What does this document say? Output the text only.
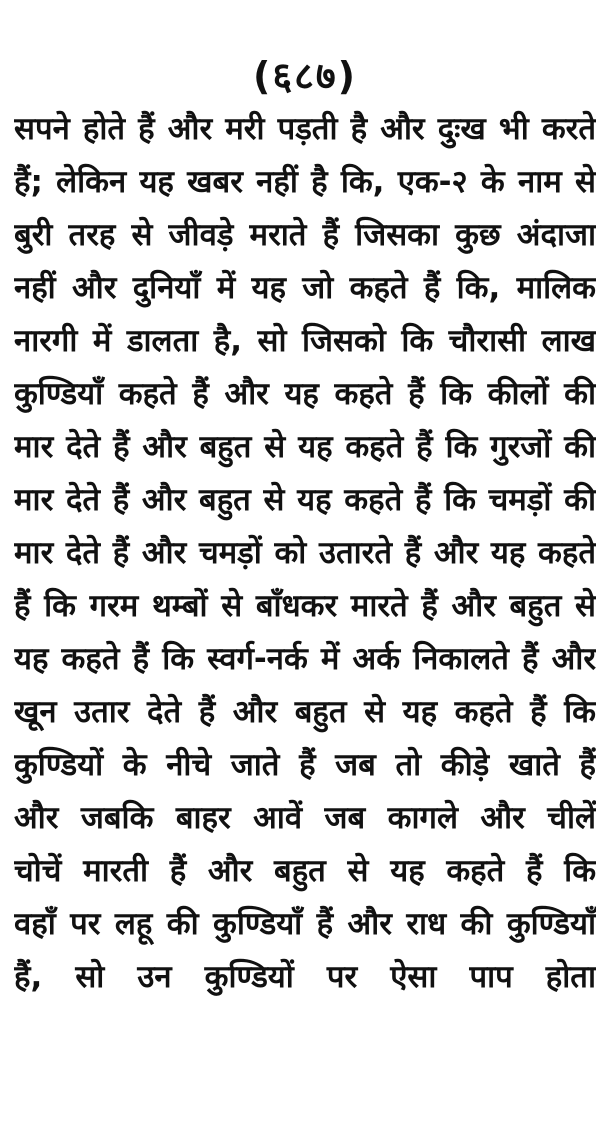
(६८७)
सपने होते हैं और मरी पड़ती है और दुःख भी करते
हैं; लेकिन यह खबर नहीं है कि, एक-२ के नाम से
बुरी तरह से जीवड़े मराते हैं जिसका कुछ अंदाजा
नहीं और दुनियाँ में यह जो कहते हैं कि, मालिक
नारगी में डालता है, सो जिसको कि चौरासी लाख
कुण्डियाँ कहते हैं और यह कहते हैं कि कीलों की
मार देते हैं और बहुत से यह कहते हैं कि गुरजों की
मार देते हैं और बहुत से यह कहते हैं कि चमड़ों की
मार देते हैं और चमड़ों को उतारते हैं और यह कहते
हैं कि गरम थम्बों से बाँधकर मारते हैं और बहुत से
यह कहते हैं कि स्वर्ग-नर्क में अर्क निकालते हैं और
खून उतार देते हैं और बहुत से यह कहते हैं कि
कुण्डियों के नीचे जाते हैं जब तो कीड़े खाते हैं
और जबकि बाहर आवें जब कागले और चीलें
चोचें मारती हैं और बहुत से यह कहते हैं कि
वहाँ पर लहू की कुण्डियाँ हैं और राध की कुण्डियाँ
हैं, सो उन कुण्डियों पर ऐसा पाप होता
